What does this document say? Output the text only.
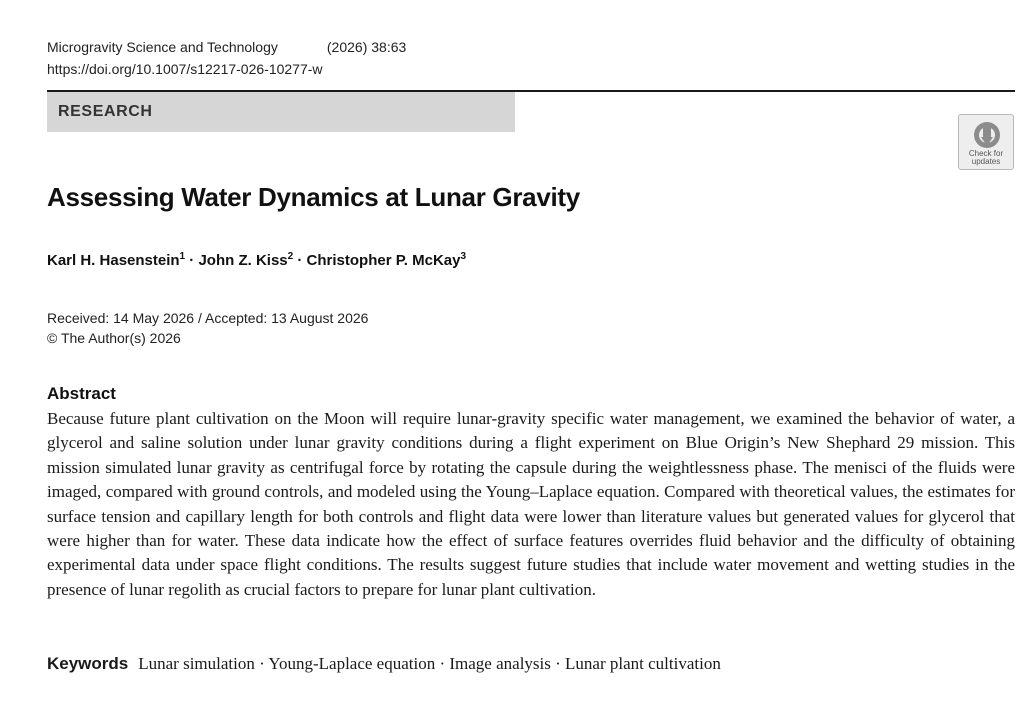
Microgravity Science and Technology	(2026) 38:63
https://doi.org/10.1007/s12217-026-10277-w
RESEARCH
Check for
updates
Assessing Water Dynamics at Lunar Gravity
Karl H. Hasenstein$^1$ · John Z. Kiss$^2$ · Christopher P. McKay$^3$
Received: 14 May 2026 / Accepted: 13 August 2026
© The Author(s) 2026
Abstract
Because future plant cultivation on the Moon will require lunar-gravity specific water management, we examined the behavior of water, a glycerol and saline solution under lunar gravity conditions during a flight experiment on Blue Origin’s New Shephard 29 mission. This mission simulated lunar gravity as centrifugal force by rotating the capsule during the weightlessness phase. The menisci of the fluids were imaged, compared with ground controls, and modeled using the Young–Laplace equation. Compared with theoretical values, the estimates for surface tension and capillary length for both controls and flight data were lower than literature values but generated values for glycerol that were higher than for water. These data indicate how the effect of surface features overrides fluid behavior and the difficulty of obtaining experimental data under space flight conditions. The results suggest future studies that include water movement and wetting studies in the presence of lunar regolith as crucial factors to prepare for lunar plant cultivation.
Keywords Lunar simulation · Young-Laplace equation · Image analysis · Lunar plant cultivation
